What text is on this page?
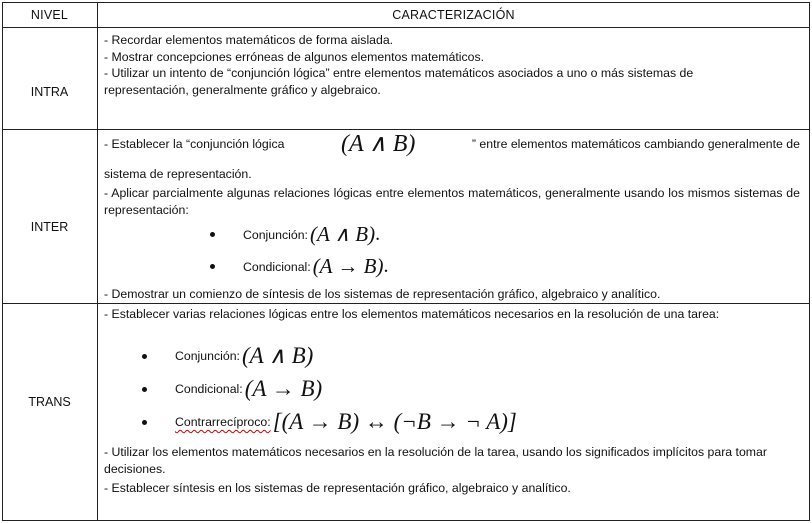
NIVEL	CARACTERIZACIÓN
INTRA
- Recordar elementos matemáticos de forma aislada.
- Mostrar concepciones erróneas de algunos elementos matemáticos.
- Utilizar un intento de “conjunción lógica” entre elementos matemáticos asociados a uno o más sistemas de
representación, generalmente gráfico y algebraico.
INTER
- Establecer la “conjunción lógica (A ∧ B)	” entre elementos matemáticos cambiando generalmente de
sistema de representación.
- Aplicar parcialmente algunas relaciones lógicas entre elementos matemáticos, generalmente usando los mismos sistemas de representación:
Conjunción: (A ∧ B) .
Condicional: (A → B) .
- Demostrar un comienzo de síntesis de los sistemas de representación gráfico, algebraico y analítico.
TRANS
- Establecer varias relaciones lógicas entre los elementos matemáticos necesarios en la resolución de una tarea:
Conjunción: (A ∧ B)
Condicional: (A → B)
Contrarrecíproco: [(A → B) ↔ (¬B → ¬ A)]
- Utilizar los elementos matemáticos necesarios en la resolución de la tarea, usando los significados implícitos para tomar decisiones.
- Establecer síntesis en los sistemas de representación gráfico, algebraico y analítico.
